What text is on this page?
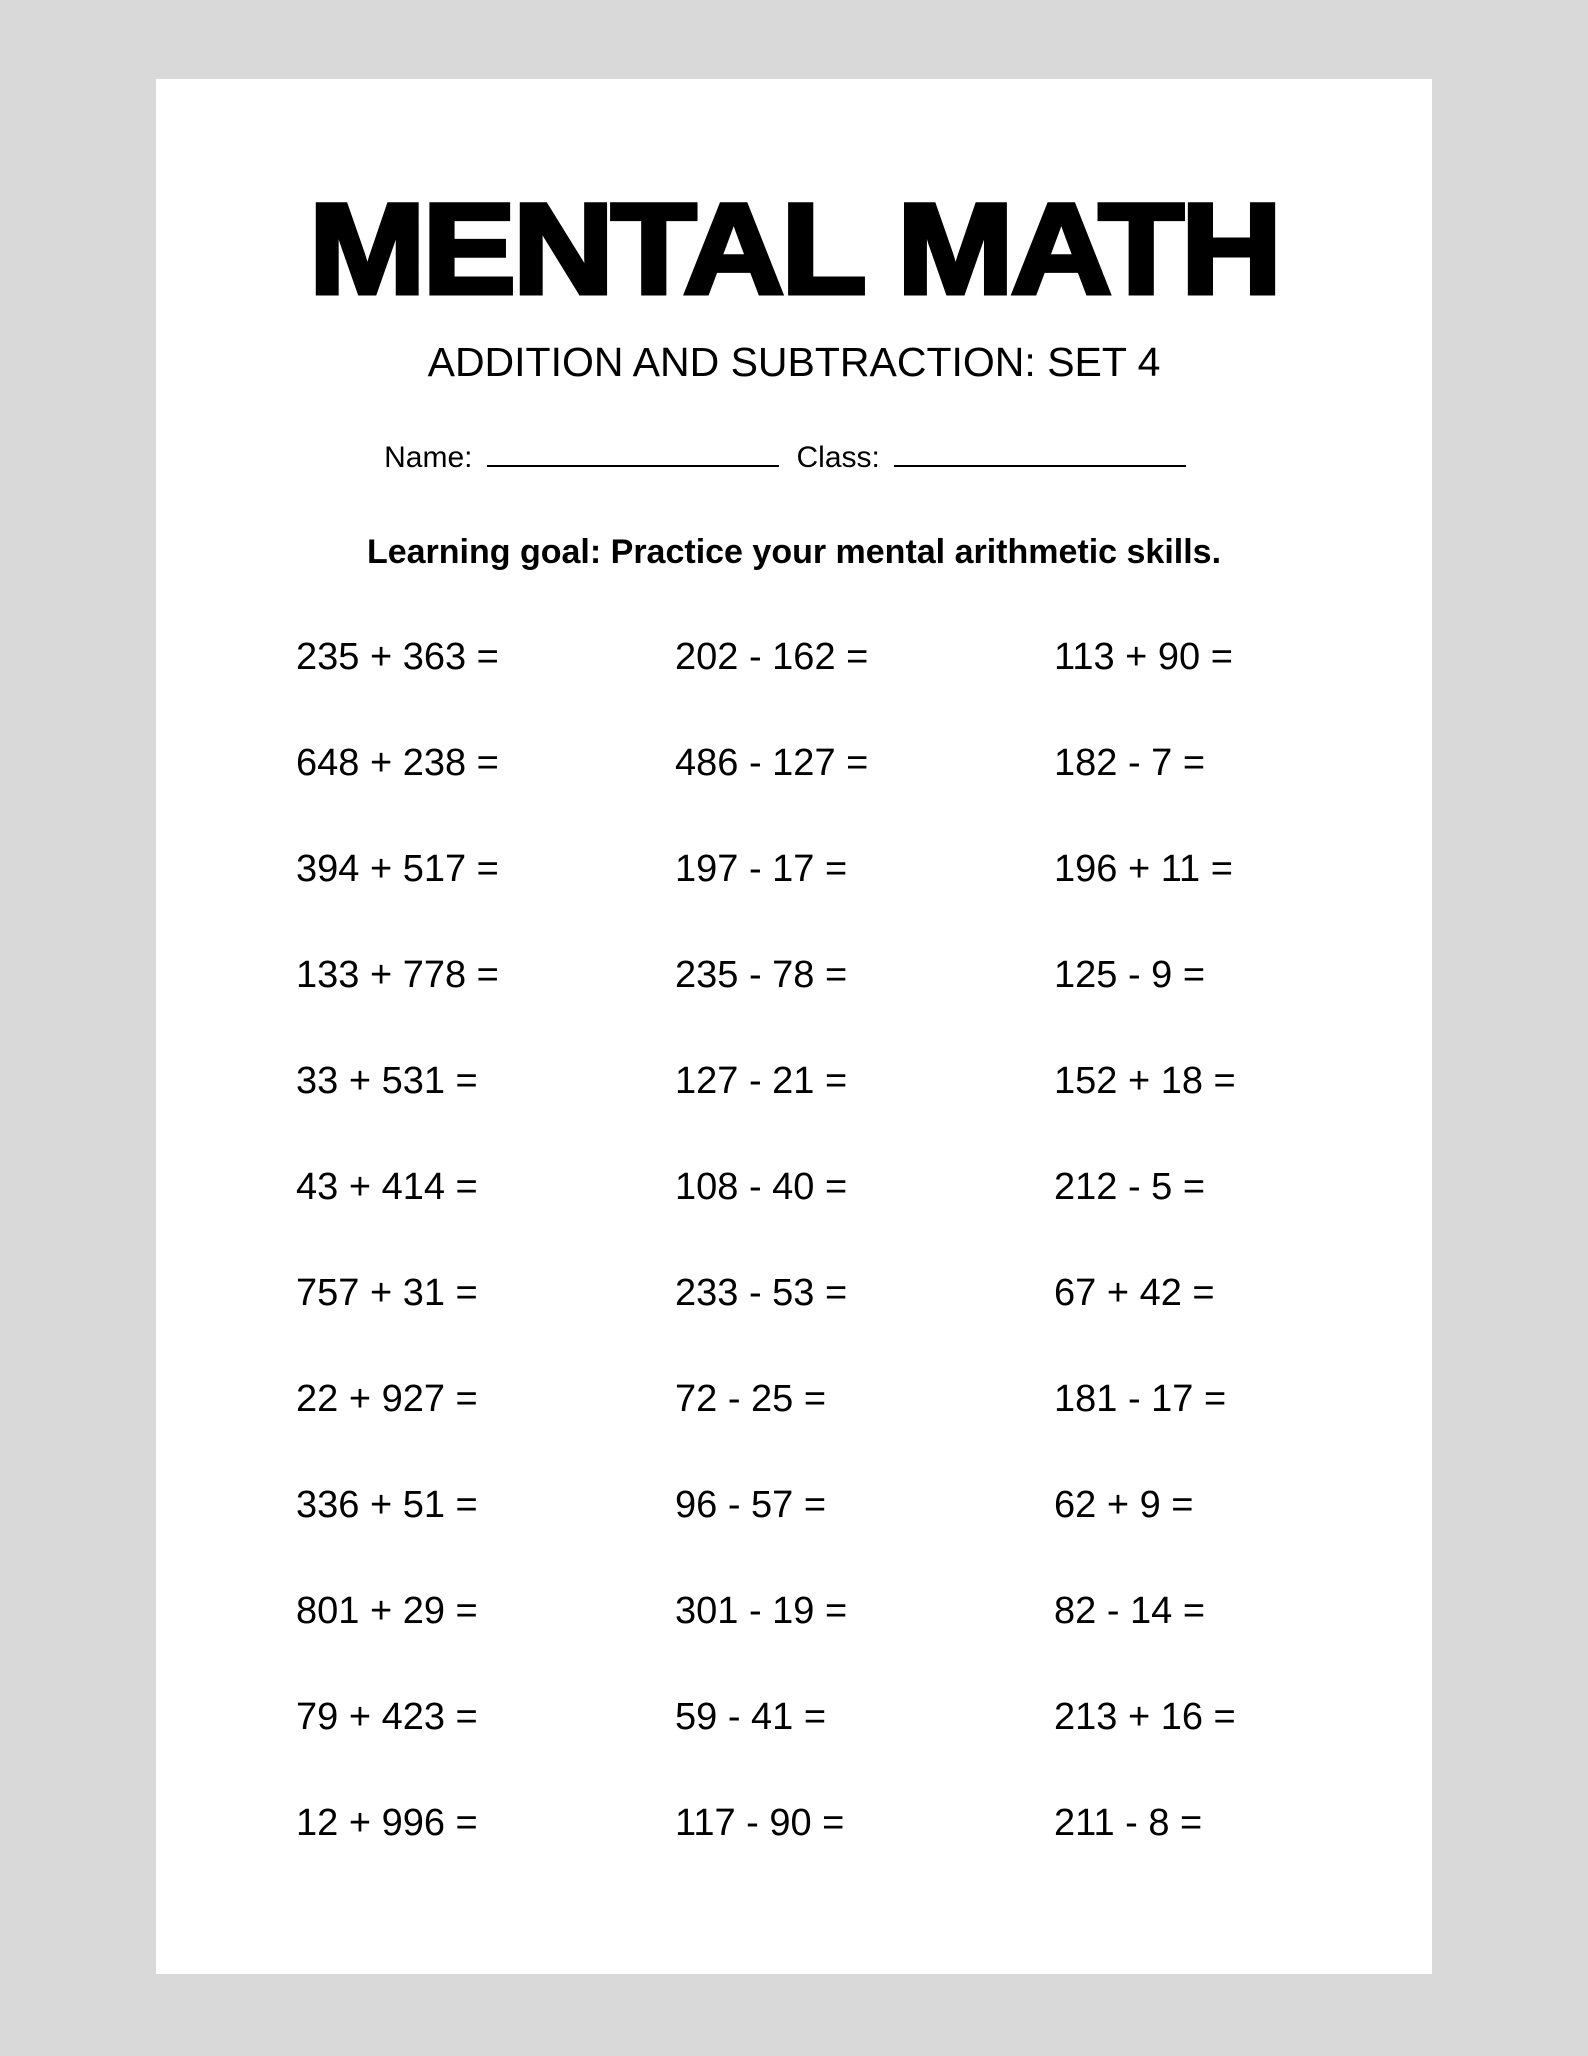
MENTAL MATH
ADDITION AND SUBTRACTION: SET 4
Name:	Class:
Learning goal: Practice your mental arithmetic skills.
235 + 363 =	202 - 162 =	113 + 90 =
648 + 238 =	486 - 127 =	182 - 7 =
394 + 517 =	197 - 17 =	196 + 11 =
133 + 778 =	235 - 78 =	125 - 9 =
33 + 531 =	127 - 21 =	152 + 18 =
43 + 414 =	108 - 40 =	212 - 5 =
757 + 31 =	233 - 53 =	67 + 42 =
22 + 927 =	72 - 25 =	181 - 17 =
336 + 51 =	96 - 57 =	62 + 9 =
801 + 29 =	301 - 19 =	82 - 14 =
79 + 423 =	59 - 41 =	213 + 16 =
12 + 996 =	117 - 90 =	211 - 8 =
